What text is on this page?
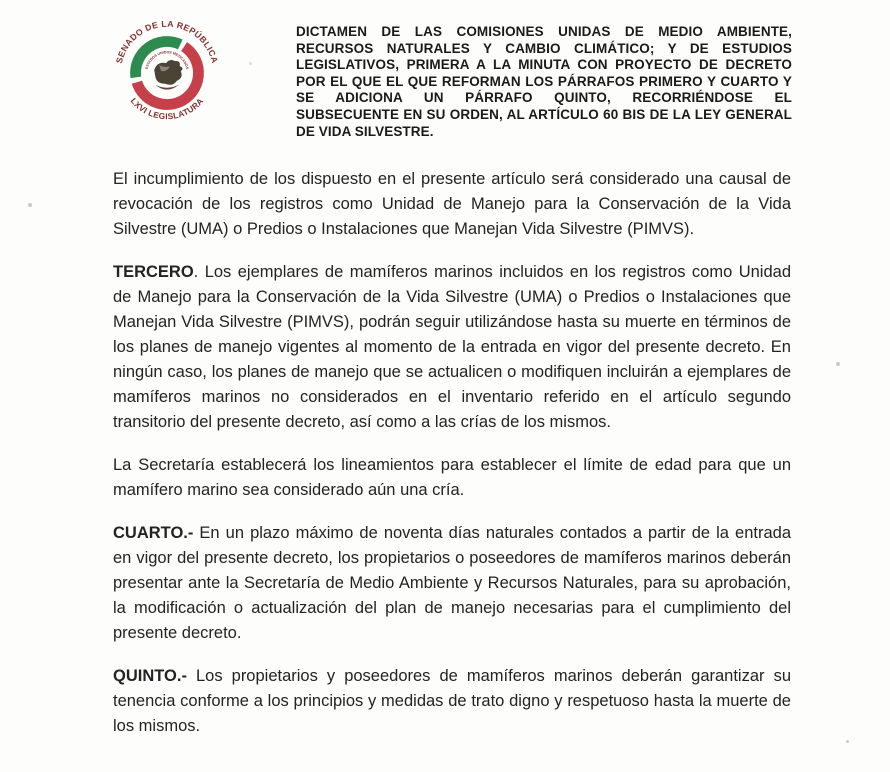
SENADO DE LA REPÚBLICA
LXVI LEGISLATURA
ESTADOS UNIDOS MEXICANOS
DICTAMEN DE LAS COMISIONES UNIDAS DE MEDIO AMBIENTE, RECURSOS NATURALES Y CAMBIO CLIMÁTICO; Y DE ESTUDIOS LEGISLATIVOS, PRIMERA A LA MINUTA CON PROYECTO DE DECRETO POR EL QUE EL QUE REFORMAN LOS PÁRRAFOS PRIMERO Y CUARTO Y SE ADICIONA UN PÁRRAFO QUINTO, RECORRIÉNDOSE EL SUBSECUENTE EN SU ORDEN, AL ARTÍCULO 60 BIS DE LA LEY GENERAL DE VIDA SILVESTRE.

El incumplimiento de los dispuesto en el presente artículo será considerado una causal de revocación de los registros como Unidad de Manejo para la Conservación de la Vida Silvestre (UMA) o Predios o Instalaciones que Manejan Vida Silvestre (PIMVS).

TERCERO. Los ejemplares de mamíferos marinos incluidos en los registros como Unidad de Manejo para la Conservación de la Vida Silvestre (UMA) o Predios o Instalaciones que Manejan Vida Silvestre (PIMVS), podrán seguir utilizándose hasta su muerte en términos de los planes de manejo vigentes al momento de la entrada en vigor del presente decreto. En ningún caso, los planes de manejo que se actualicen o modifiquen incluirán a ejemplares de mamíferos marinos no considerados en el inventario referido en el artículo segundo transitorio del presente decreto, así como a las crías de los mismos.

La Secretaría establecerá los lineamientos para establecer el límite de edad para que un mamífero marino sea considerado aún una cría.

CUARTO.- En un plazo máximo de noventa días naturales contados a partir de la entrada en vigor del presente decreto, los propietarios o poseedores de mamíferos marinos deberán presentar ante la Secretaría de Medio Ambiente y Recursos Naturales, para su aprobación, la modificación o actualización del plan de manejo necesarias para el cumplimiento del presente decreto.

QUINTO.- Los propietarios y poseedores de mamíferos marinos deberán garantizar su tenencia conforme a los principios y medidas de trato digno y respetuoso hasta la muerte de los mismos.
